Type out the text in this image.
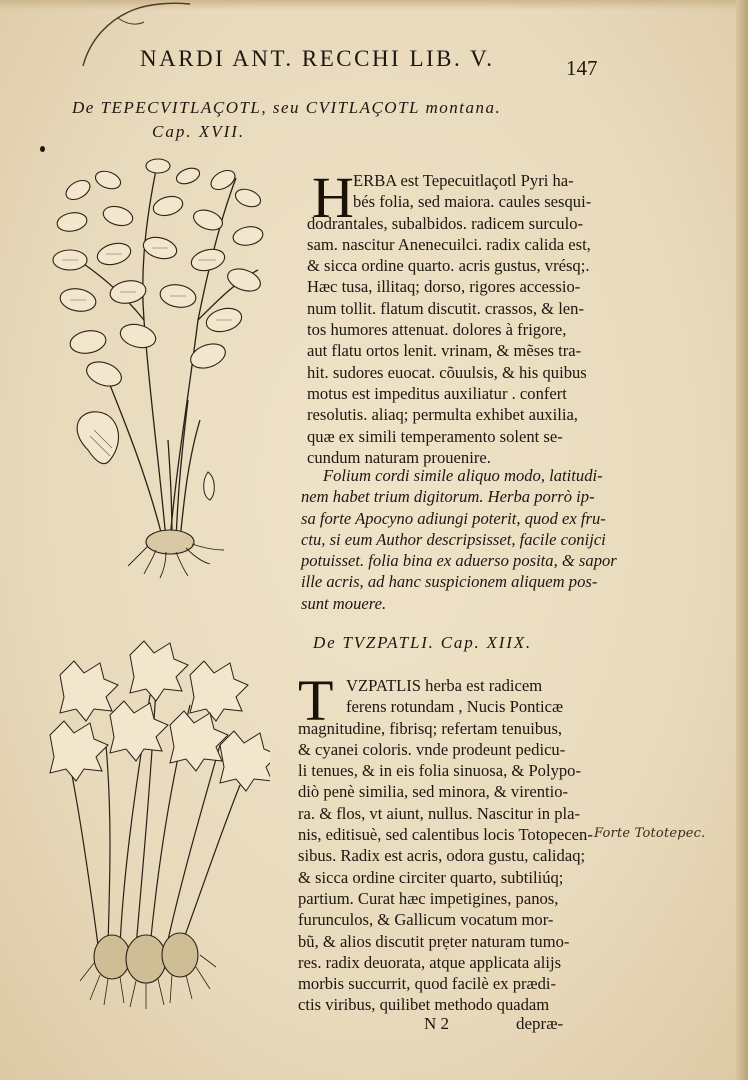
NARDI ANT. RECCHI LIB. V.	147
De TEPECVITLAÇOTL, seu CVITLAÇOTL montana.
Cap. XVII.
H ERBA est Tepecuitlaçotl Pyri ha-
bés folia, sed maiora. caules sesqui-
dodrantales, subalbidos. radicem surculo-
sam. nascitur Anenecuilci. radix calida est,
& sicca ordine quarto. acris gustus, vrésq;.
Hæc tusa, illitaq; dorso, rigores accessio-
num tollit. flatum discutit. crassos, & len-
tos humores attenuat. dolores à frigore,
aut flatu ortos lenit. vrinam, & mẽses tra-
hit. sudores euocat. cõuulsis, & his quibus
motus est impeditus auxiliatur . confert
resolutis. aliaq; permulta exhibet auxilia,
quæ ex simili temperamento solent se-
cundum naturam prouenire.
Folium cordi simile aliquo modo, latitudi-
nem habet trium digitorum. Herba porrò ip-
sa forte Apocyno adiungi poterit, quod ex fru-
ctu, si eum Author descripsisset, facile conijci
potuisset. folia bina ex aduerso posita, & sapor
ille acris, ad hanc suspicionem aliquem pos-
sunt mouere.
De TVZPATLI. Cap. XIIX.
T VZPATLIS herba est radicem
ferens rotundam , Nucis Ponticæ
magnitudine, fibrisq; refertam tenuibus,
& cyanei coloris. vnde prodeunt pedicu-
li tenues, & in eis folia sinuosa, & Polypo-
diò penè similia, sed minora, & virentio-
ra. & flos, vt aiunt, nullus. Nascitur in pla-
nis, editisuè, sed calentibus locis Totopecen-
sibus. Radix est acris, odora gustu, calidaq;
& sicca ordine circiter quarto, subtiliúq;
partium. Curat hæc impetigines, panos,
furunculos, & Gallicum vocatum mor-
bũ, & alios discutit prẹter naturam tumo-
res. radix deuorata, atque applicata alijs
morbis succurrit, quod facilè ex prædi-
ctis viribus, quilibet methodo quadam
Forte Tototepec.
N 2	depræ-
